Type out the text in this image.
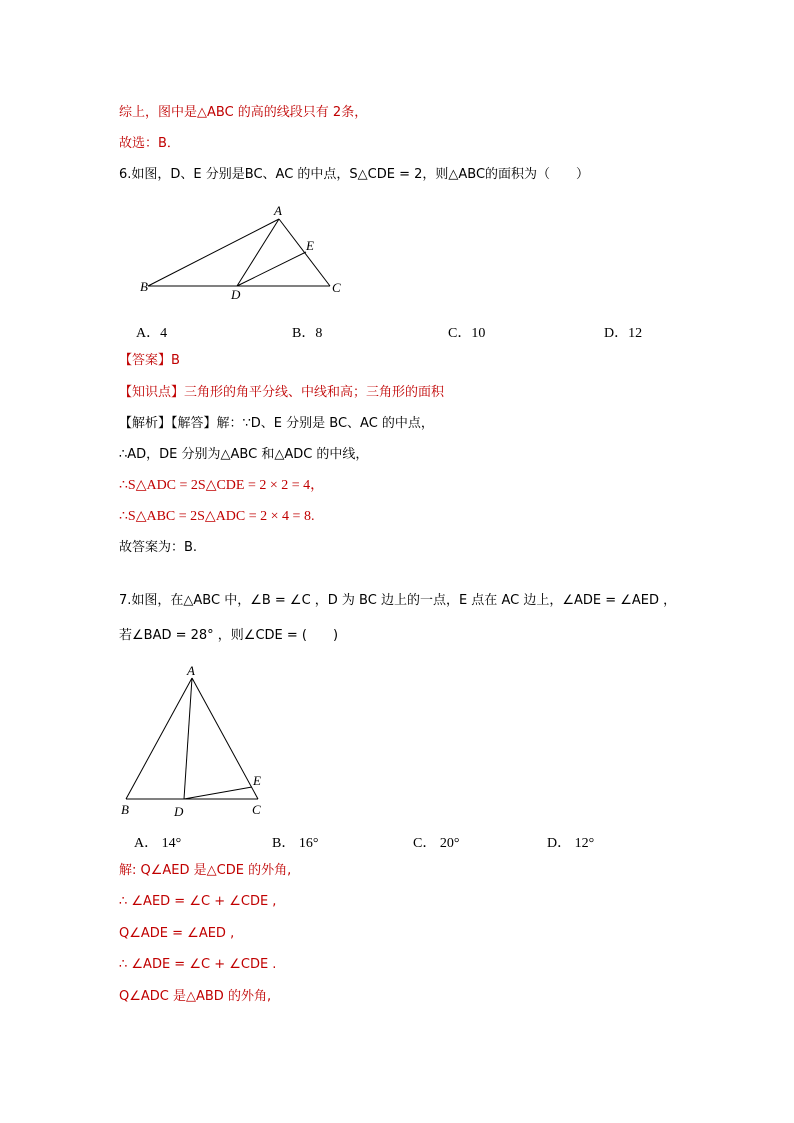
综上，图中是△ABC 的高的线段只有 2条，
故选：B．
6.如图，D、E 分别是BC、AC 的中点，S△CDE = 2，则△ABC的面积为（　　）
A
E
B
D	C
A．4	B．8	C．10	D．12
【答案】B
【知识点】三角形的角平分线、中线和高；三角形的面积
【解析】【解答】解：∵D、E 分别是 BC、AC 的中点，
∴AD，DE 分别为△ABC 和△ADC 的中线，
∴S△ADC = 2S△CDE = 2 × 2 = 4，
∴S△ABC = 2S△ADC = 2 × 4 = 8.
故答案为：B.
7.如图，在△ABC 中，∠B = ∠C ，D 为 BC 边上的一点，E 点在 AC 边上，∠ADE = ∠AED ，
若∠BAD = 28° ，则∠CDE = (　　)
A
E
B	D	C
A． 14°	B． 16°	C． 20°	D． 12°
解: Q∠AED 是△CDE 的外角,
∴ ∠AED = ∠C + ∠CDE ,
Q∠ADE = ∠AED ,
∴ ∠ADE = ∠C + ∠CDE .
Q∠ADC 是△ABD 的外角,
